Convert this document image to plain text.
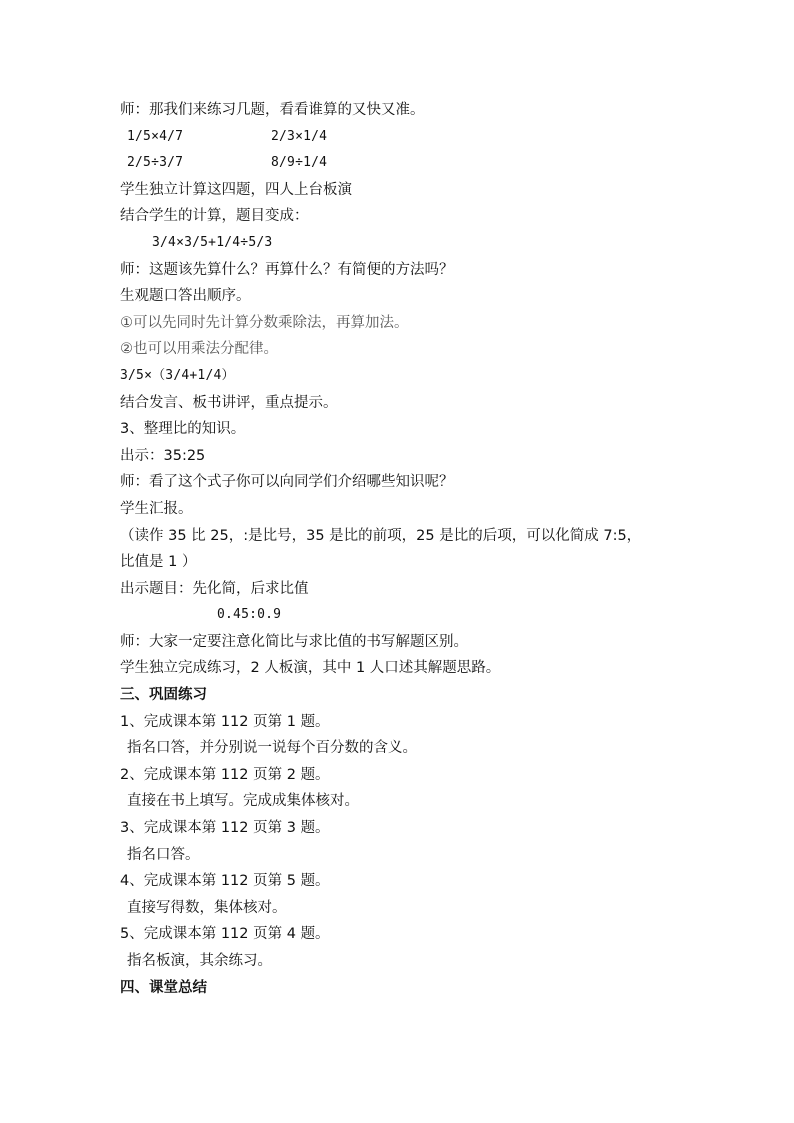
师：那我们来练习几题，看看谁算的又快又准。
1/5×4/7	2/3×1/4
2/5÷3/7	8/9÷1/4
学生独立计算这四题，四人上台板演
结合学生的计算，题目变成：
3/4×3/5+1/4÷5/3
师：这题该先算什么？再算什么？有简便的方法吗？
生观题口答出顺序。
①可以先同时先计算分数乘除法，再算加法。
②也可以用乘法分配律。
3/5×（3/4+1/4）
结合发言、板书讲评，重点提示。
3、整理比的知识。
出示：35:25
师：看了这个式子你可以向同学们介绍哪些知识呢？
学生汇报。
（读作 35 比 25，:是比号，35 是比的前项，25 是比的后项，可以化简成 7:5，
比值是 1 ）
出示题目：先化简，后求比值
0.45:0.9
师：大家一定要注意化简比与求比值的书写解题区别。
学生独立完成练习，2 人板演，其中 1 人口述其解题思路。
三、巩固练习
1、完成课本第 112 页第 1 题。
指名口答，并分别说一说每个百分数的含义。
2、完成课本第 112 页第 2 题。
直接在书上填写。完成成集体核对。
3、完成课本第 112 页第 3 题。
指名口答。
4、完成课本第 112 页第 5 题。
直接写得数，集体核对。
5、完成课本第 112 页第 4 题。
指名板演，其余练习。
四、课堂总结
